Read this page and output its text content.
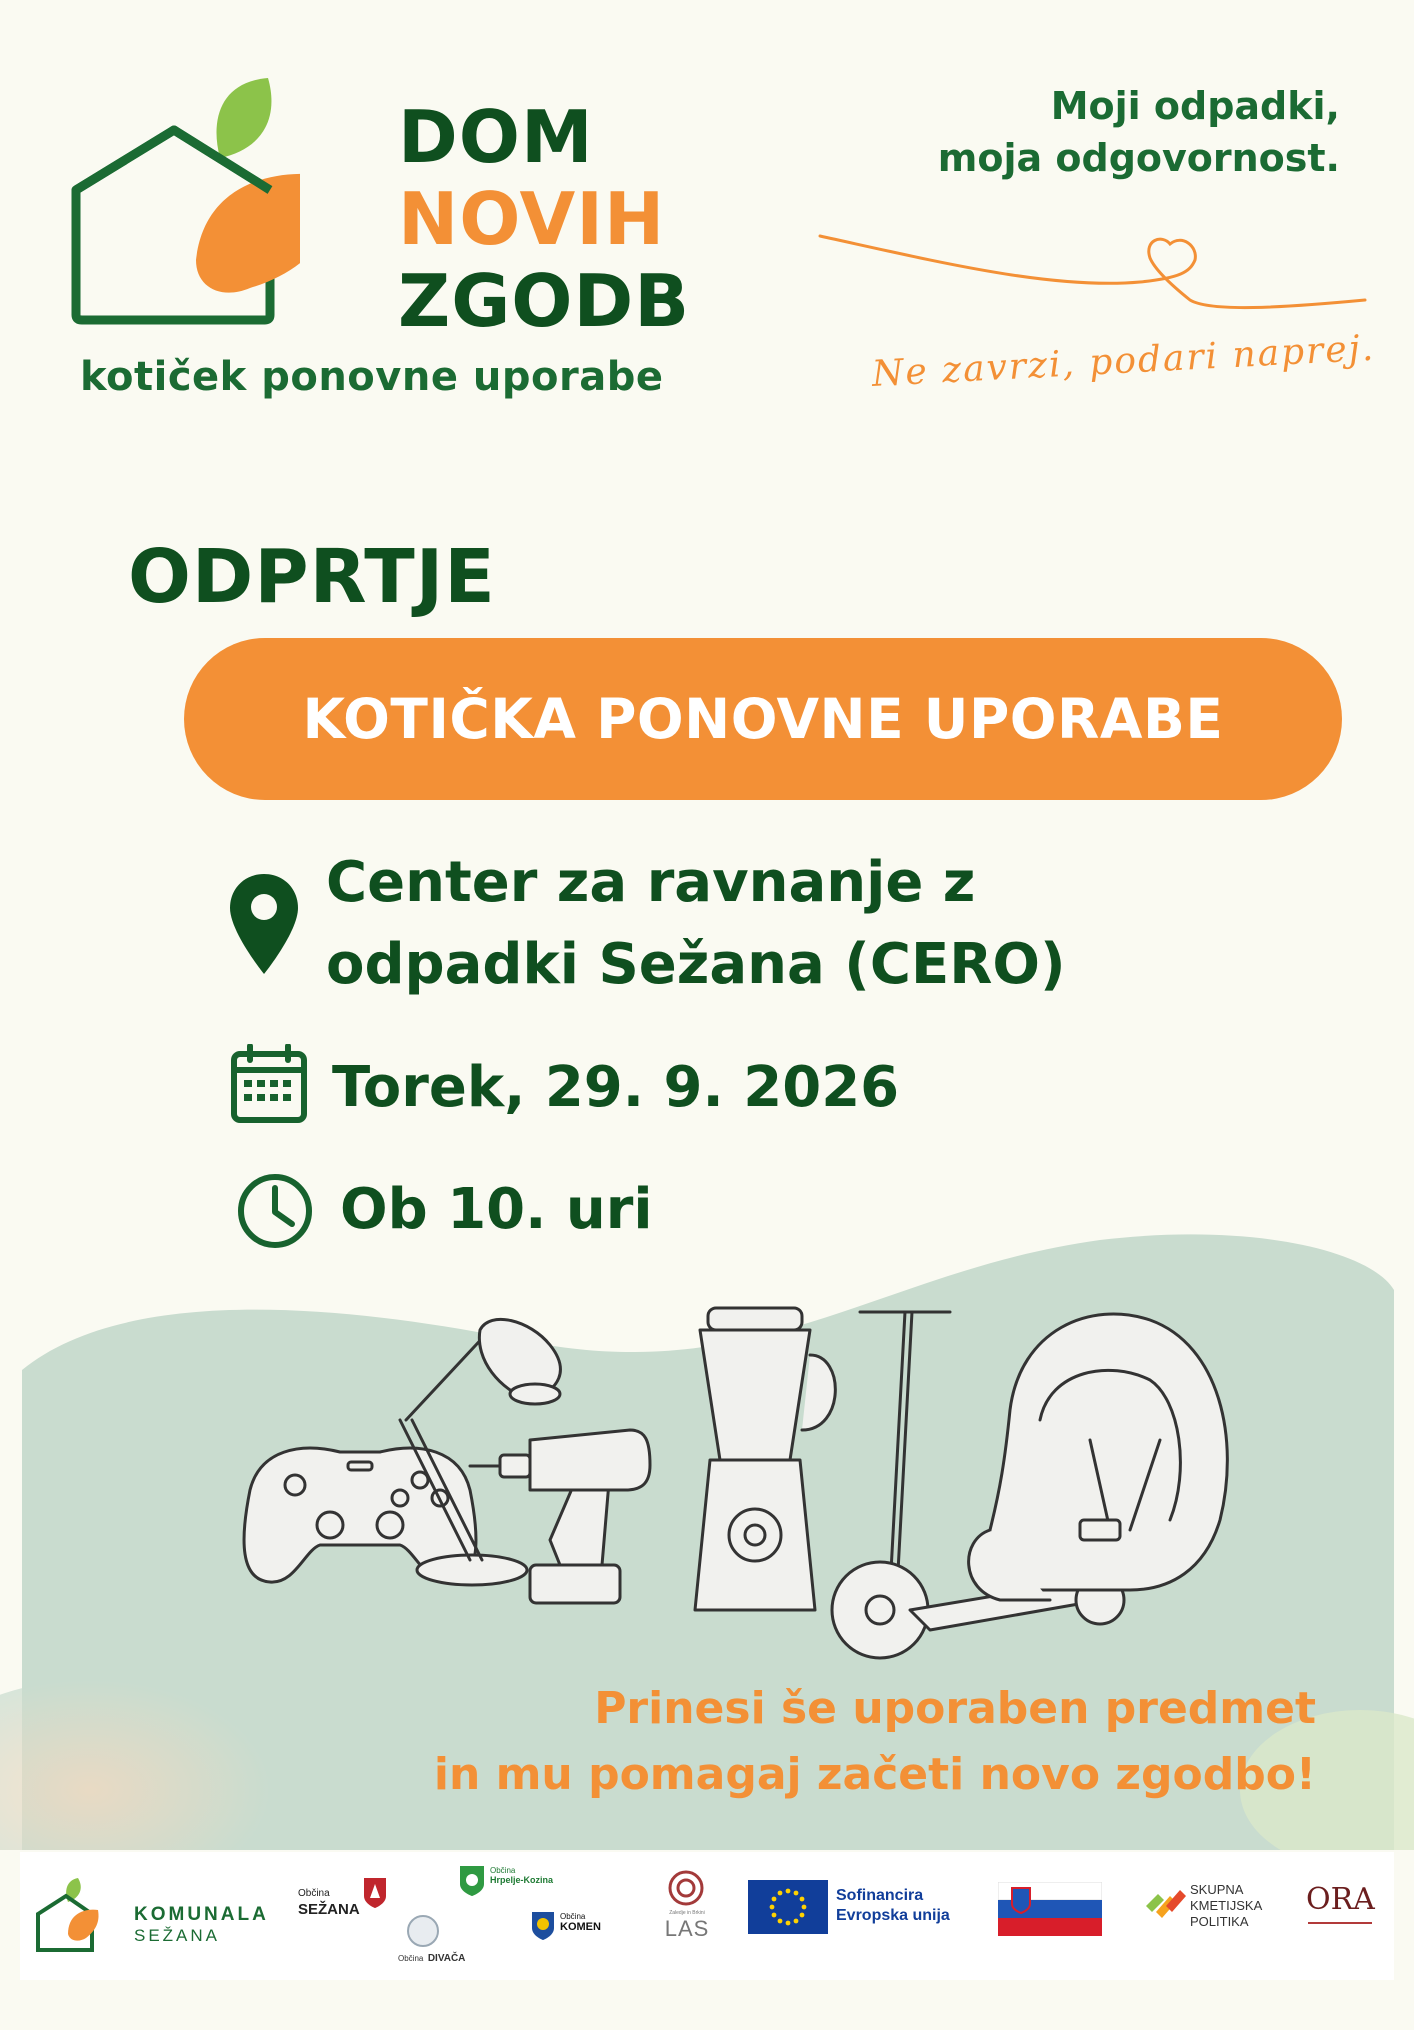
DOM
NOVIH
ZGODB
kotiček ponovne uporabe
Moji odpadki,
moja odgovornost.
Ne zavrzi, podari naprej.
ODPRTJE
KOTIČKA PONOVNE UPORABE
Center za ravnanje z
odpadki Sežana (CERO)
Torek, 29. 9. 2026
Ob 10. uri
Prinesi še uporaben predmet
in mu pomagaj začeti novo zgodbo!
KOMUNALA
SEŽANA
Občina
SEŽANA
Občina DIVAČA
Občina
Hrpelje-Kozina
Občina
KOMEN
Zaledje in Brkini
LAS
Sofinancira
Evropska unija
SKUPNA
KMETIJSKA
POLITIKA
ORA
